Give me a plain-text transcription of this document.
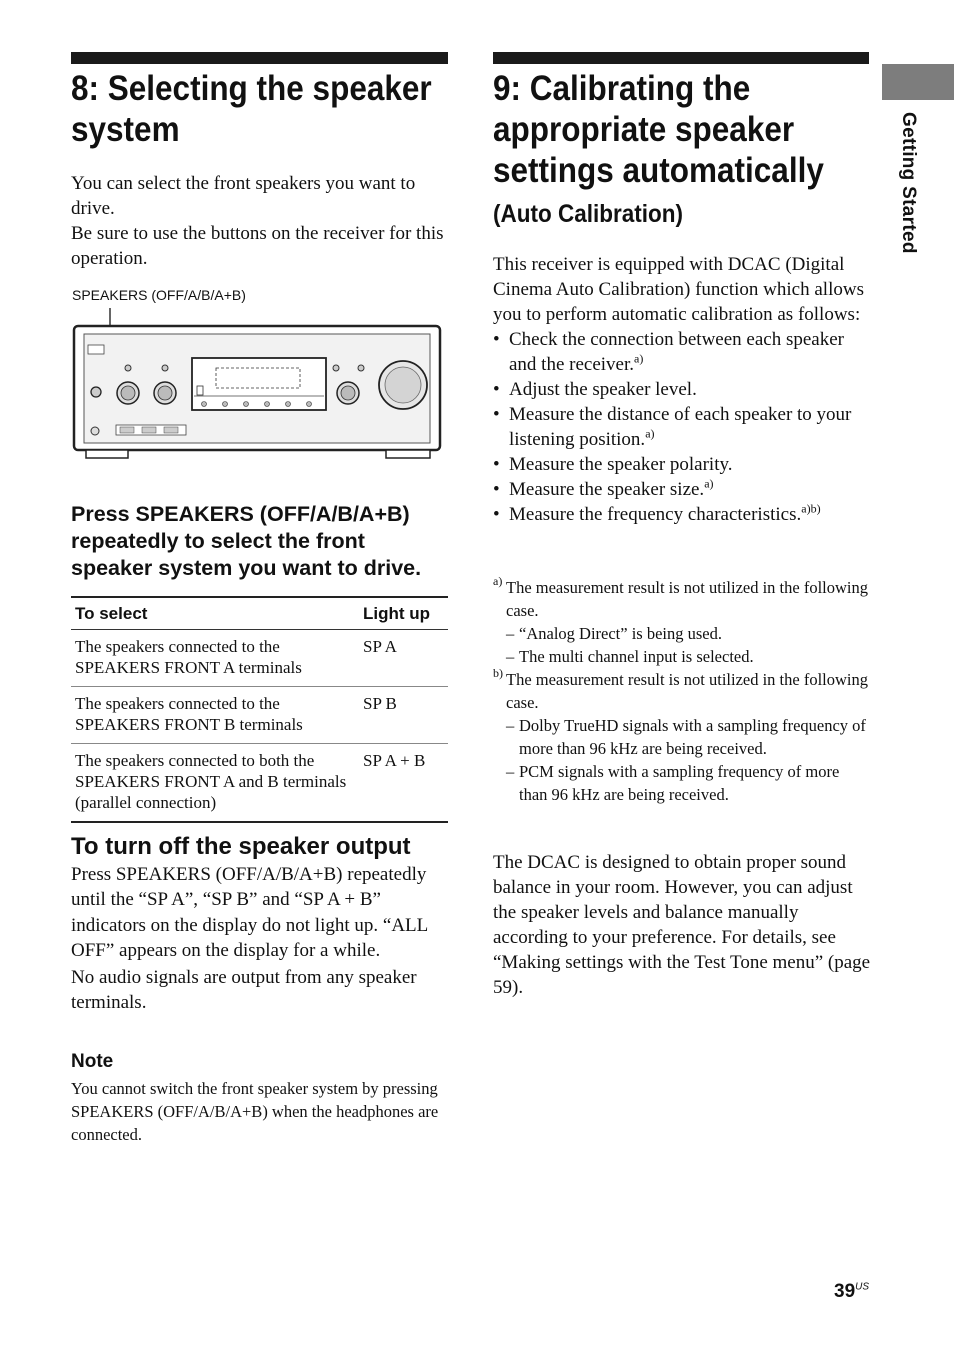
8: Selecting the speaker system

You can select the front speakers you want to drive.

Be sure to use the buttons on the receiver for this operation.

SPEAKERS (OFF/A/B/A+B)
Press SPEAKERS (OFF/A/B/A+B) repeatedly to select the front speaker system you want to drive.
To select	Light up
The speakers connected to the SPEAKERS FRONT A terminals	SP A
The speakers connected to the SPEAKERS FRONT B terminals	SP B
The speakers connected to both the SPEAKERS FRONT A and B terminals (parallel connection)	SP A + B
To turn off the speaker output

Press SPEAKERS (OFF/A/B/A+B) repeatedly until the “SP A”, “SP B” and “SP A + B” indicators on the display do not light up. “ALL OFF” appears on the display for a while.

No audio signals are output from any speaker terminals.

Note
You cannot switch the front speaker system by pressing SPEAKERS (OFF/A/B/A+B) when the headphones are connected.
9: Calibrating the appropriate speaker settings automatically
(Auto Calibration)

This receiver is equipped with DCAC (Digital Cinema Auto Calibration) function which allows you to perform automatic calibration as follows:

• Check the connection between each speaker and the receiver.$^{a)}$
• Adjust the speaker level.
• Measure the distance of each speaker to your listening position.$^{a)}$
• Measure the speaker polarity.
• Measure the speaker size.$^{a)}$
• Measure the frequency characteristics.$^{a)b)}$
a) The measurement result is not utilized in the following case.
– “Analog Direct” is being used.
– The multi channel input is selected.
b) The measurement result is not utilized in the following case.
– Dolby TrueHD signals with a sampling frequency of more than 96 kHz are being received.
– PCM signals with a sampling frequency of more than 96 kHz are being received.
The DCAC is designed to obtain proper sound balance in your room. However, you can adjust the speaker levels and balance manually according to your preference. For details, see “Making settings with the Test Tone menu” (page 59).
Getting Started
$39^{US}$
